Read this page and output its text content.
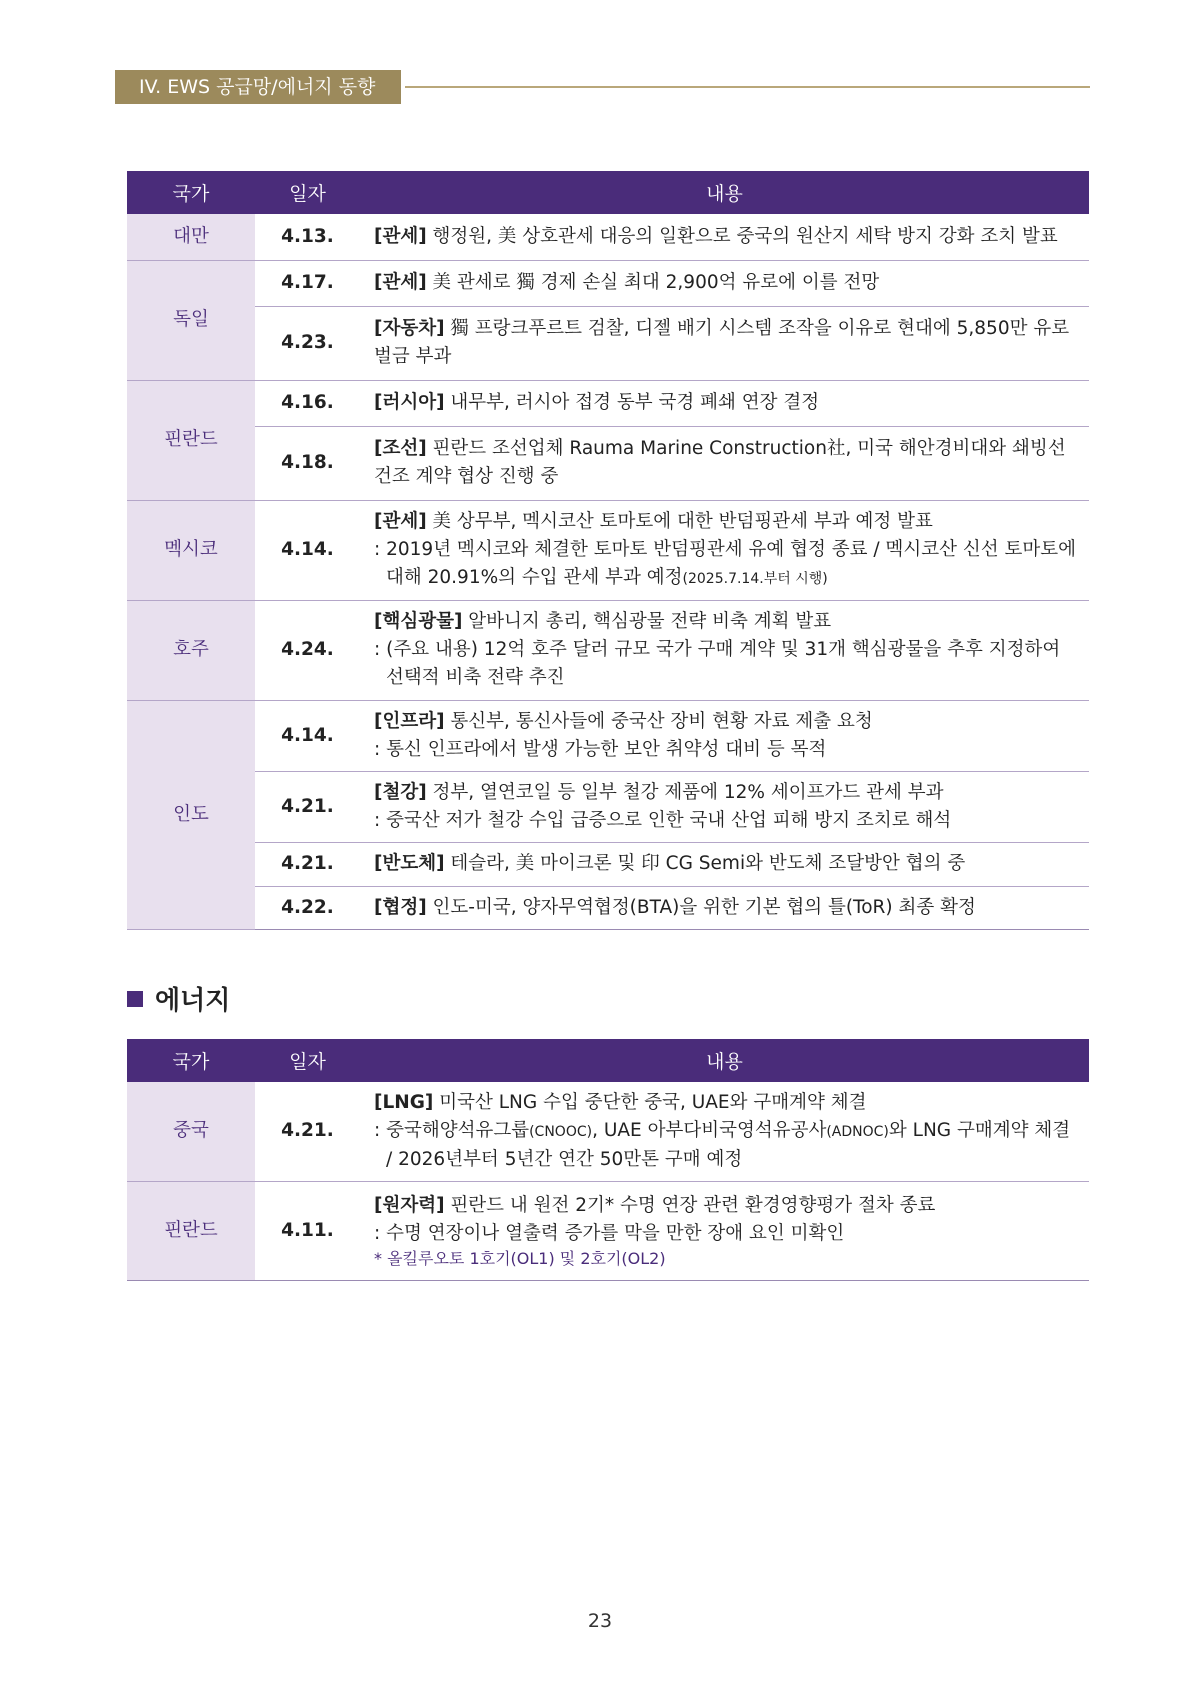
IV. EWS 공급망/에너지 동향
국가	일자	내용
대만	4.13.	[관세] 행정원, 美 상호관세 대응의 일환으로 중국의 원산지 세탁 방지 강화 조치 발표
독일	4.17.	[관세] 美 관세로 獨 경제 손실 최대 2,900억 유로에 이를 전망
	4.23.	[자동차] 獨 프랑크푸르트 검찰, 디젤 배기 시스템 조작을 이유로 현대에 5,850만 유로 벌금 부과
핀란드	4.16.	[러시아] 내무부, 러시아 접경 동부 국경 폐쇄 연장 결정
	4.18.	[조선] 핀란드 조선업체 Rauma Marine Construction社, 미국 해안경비대와 쇄빙선 건조 계약 협상 진행 중
멕시코	4.14.	[관세] 美 상무부, 멕시코산 토마토에 대한 반덤핑관세 부과 예정 발표
: 2019년 멕시코와 체결한 토마토 반덤핑관세 유예 협정 종료 / 멕시코산 신선 토마토에 대해 20.91%의 수입 관세 부과 예정(2025.7.14.부터 시행)

호주	4.24.	[핵심광물] 알바니지 총리, 핵심광물 전략 비축 계획 발표
: (주요 내용) 12억 호주 달러 규모 국가 구매 계약 및 31개 핵심광물을 추후 지정하여 선택적 비축 전략 추진

인도	4.14.	[인프라] 통신부, 통신사들에 중국산 장비 현황 자료 제출 요청
: 통신 인프라에서 발생 가능한 보안 취약성 대비 등 목적

	4.21.	[철강] 정부, 열연코일 등 일부 철강 제품에 12% 세이프가드 관세 부과
: 중국산 저가 철강 수입 급증으로 인한 국내 산업 피해 방지 조치로 해석

	4.21.	[반도체] 테슬라, 美 마이크론 및 印 CG Semi와 반도체 조달방안 협의 중
	4.22.	[협정] 인도-미국, 양자무역협정(BTA)을 위한 기본 협의 틀(ToR) 최종 확정
에너지
국가	일자	내용
중국	4.21.	[LNG] 미국산 LNG 수입 중단한 중국, UAE와 구매계약 체결
: 중국해양석유그룹(CNOOC), UAE 아부다비국영석유공사(ADNOC)와 LNG 구매계약 체결 / 2026년부터 5년간 연간 50만톤 구매 예정

핀란드	4.11.	[원자력] 핀란드 내 원전 2기* 수명 연장 관련 환경영향평가 절차 종료
: 수명 연장이나 열출력 증가를 막을 만한 장애 요인 미확인
* 올킬루오토 1호기(OL1) 및 2호기(OL2)
23
